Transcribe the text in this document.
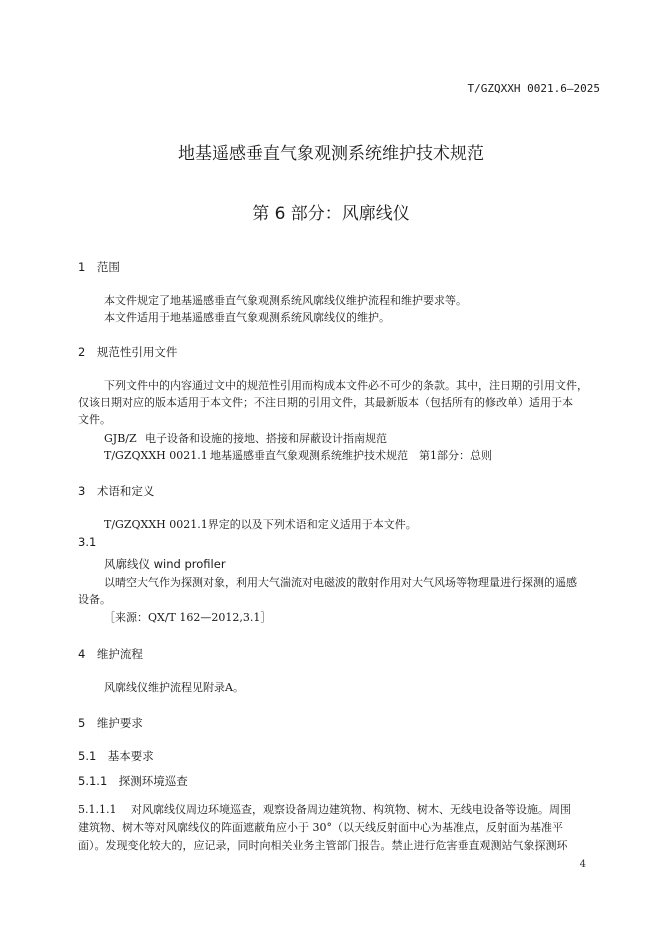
T/GZQXXH 0021.6—2025
地基遥感垂直气象观测系统维护技术规范
第 6 部分：风廓线仪
1　范围
本文件规定了地基遥感垂直气象观测系统风廓线仪维护流程和维护要求等。
本文件适用于地基遥感垂直气象观测系统风廓线仪的维护。
2　规范性引用文件
下列文件中的内容通过文中的规范性引用而构成本文件必不可少的条款。其中，注日期的引用文件，
仅该日期对应的版本适用于本文件；不注日期的引用文件，其最新版本（包括所有的修改单）适用于本
文件。
GJB/Z 电子设备和设施的接地、搭接和屏蔽设计指南规范
T/GZQXXH 0021.1 地基遥感垂直气象观测系统维护技术规范　第1部分：总则
3　术语和定义
T/GZQXXH 0021.1界定的以及下列术语和定义适用于本文件。
3.1
风廓线仪 wind profiler
以晴空大气作为探测对象，利用大气湍流对电磁波的散射作用对大气风场等物理量进行探测的遥感
设备。
［来源：QX/T 162—2012,3.1］
4　维护流程
风廓线仪维护流程见附录A。
5　维护要求
5.1　基本要求
5.1.1　探测环境巡查
5.1.1.1 对风廓线仪周边环境巡查，观察设备周边建筑物、构筑物、树木、无线电设备等设施。周围
建筑物、树木等对风廓线仪的阵面遮蔽角应小于 30°（以天线反射面中心为基准点，反射面为基准平
面）。发现变化较大的，应记录，同时向相关业务主管部门报告。禁止进行危害垂直观测站气象探测环
4
